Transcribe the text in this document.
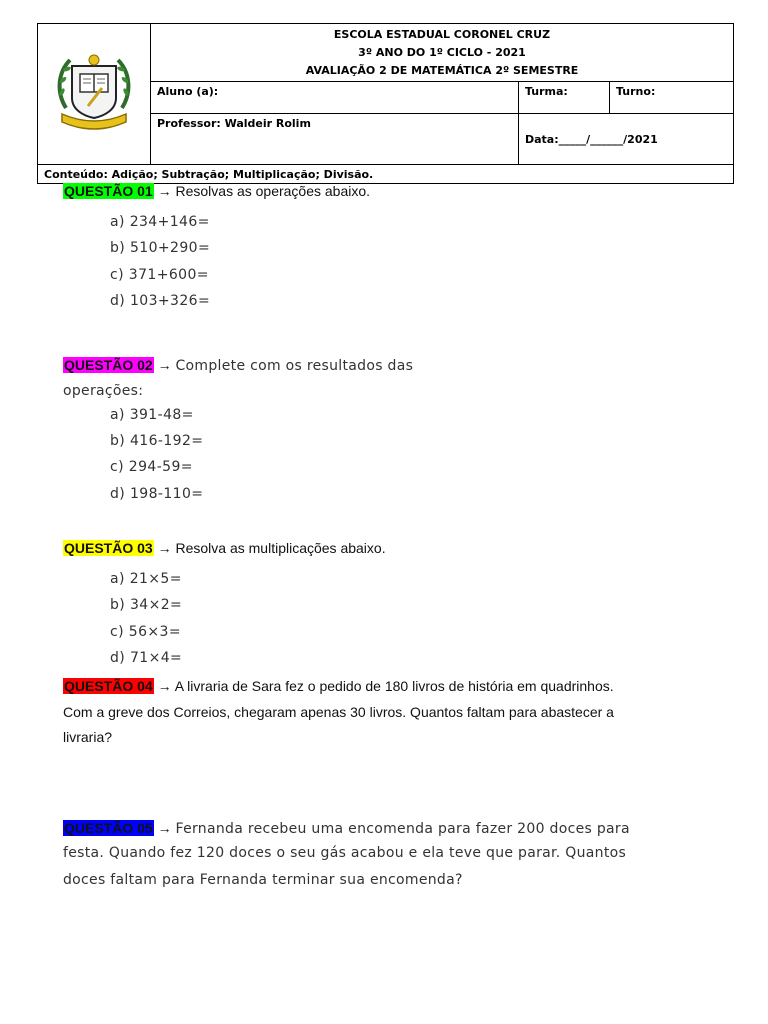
ESCOLA ESTADUAL CORONEL CRUZ
3º ANO DO 1º CICLO - 2021
AVALIAÇÃO 2 DE MATEMÁTICA 2º SEMESTRE		

	Aluno (a):	Turma:	Turno:
	Professor: Waldeir Rolim	Data:_____/______/2021	
Conteúdo: Adição; Subtração; Multiplicação; Divisão.			
QUESTÃO 01 → Resolvas as operações abaixo.
a) 234+146=
b) 510+290=
c) 371+600=
d) 103+326=
QUESTÃO 02 → Complete com os resultados das
operações:
a) 391-48=
b) 416-192=
c) 294-59=
d) 198-110=
QUESTÃO 03 → Resolva as multiplicações abaixo.
a) 21×5=
b) 34×2=
c) 56×3=
d) 71×4=
QUESTÃO 04 → A livraria de Sara fez o pedido de 180 livros de história em quadrinhos.
Com a greve dos Correios, chegaram apenas 30 livros. Quantos faltam para abastecer a
livraria?
QUESTÃO 05 → Fernanda recebeu uma encomenda para fazer 200 doces para
festa. Quando fez 120 doces o seu gás acabou e ela teve que parar. Quantos
doces faltam para Fernanda terminar sua encomenda?
